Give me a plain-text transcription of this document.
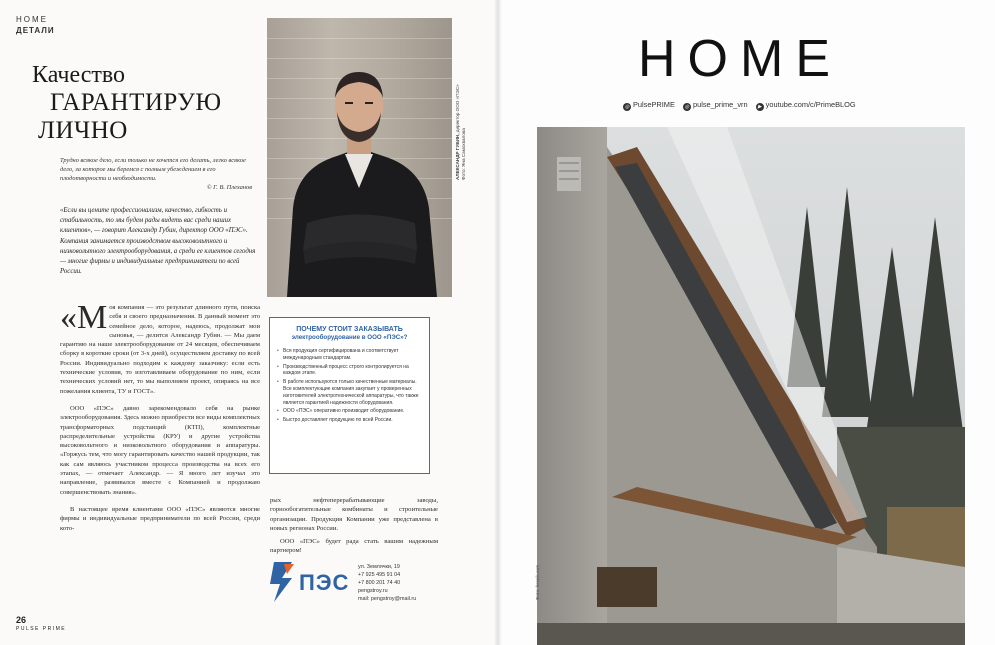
HOME
ДЕТАЛИ
Качество
ГАРАНТИРУЮ
ЛИЧНО
Трудно всякое дело, если только не хочется его делать, легко всякое дело, за которое мы беремся с полным убеждением в его плодотворности и необходимости.
© Г. В. Плеханов
«Если вы цените профессионализм, качество, гибкость и стабильность, то мы будем рады видеть вас среди наших клиентов», — говорит Александр Губин, директор ООО «ПЭС». Компания занимается производством высоковольтного и низковольтного электрооборудования, а среди ее клиентов сегодня — многие фирмы и индивидуальные предприниматели по всей России.
АЛЕКСАНДР ГУБИН, директор ООО «ПЭС»
Фото: Яна Самохвалова

«Моя компания — это результат длинного пути, поиска себя и своего предназначения. В данный момент это семейное дело, которое, надеюсь, продолжат мои сыновья, — делится Александр Губин. — Мы даем гарантию на наше электрооборудование от 24 месяцев, обеспечиваем сборку в короткие сроки (от 3-х дней), осуществляем доставку по всей России. Индивидуально подходим к каждому заказчику: если есть технические условия, то изготавливаем оборудование по ним, если технических условий нет, то мы выполняем проект, опираясь на все пожелания клиента, ТУ и ГОСТ».

ООО «ПЭС» давно зарекомендовало себя на рынке электрооборудования. Здесь можно приобрести все виды комплектных трансформаторных подстанций (КТП), комплектные распределительные устройства (КРУ) и другие устройства высоковольтного и низковольтного оборудования и аппаратуры. «Горжусь тем, что могу гарантировать качество нашей продукции, так как сам являюсь участником процесса производства на всех его этапах, — отмечает Александр. — Я много лет изучал это направление, развивался вместе с Компанией и продолжаю совершенствовать знания».

В настоящее время клиентами ООО «ПЭС» являются многие фирмы и индивидуальные предприниматели по всей России, среди кото-

ПОЧЕМУ СТОИТ ЗАКАЗЫВАТЬ
электрооборудование в ООО «ПЭС»?
• Вся продукция сертифицирована и соответствует международным стандартам.
• Производственный процесс строго контролируется на каждом этапе.
• В работе используются только качественные материалы. Все комплектующие компания закупает у проверенных изготовителей электротехнической аппаратуры, что также является гарантией надежности оборудования.
• ООО «ПЭС» оперативно производит оборудование.
• Быстро доставляет продукцию по всей России.

рых нефтеперерабатывающие заводы, горнообогатительные комбинаты и строительные организации. Продукция Компании уже представлена в новых регионах России.

ООО «ПЭС» будет рада стать вашим надежным партнером!

ПЭС
ул. Землячки, 19
+7 925 495 91 04
+7 800 201 74 40
pengstroy.ru
mail: pengstroy@mail.ru
26
PULSE PRIME
HOME
◎ PulsePRIME ◎ pulse_prime_vrn ▶ youtube.com/c/PrimeBLOG
Фото: freepik.com
